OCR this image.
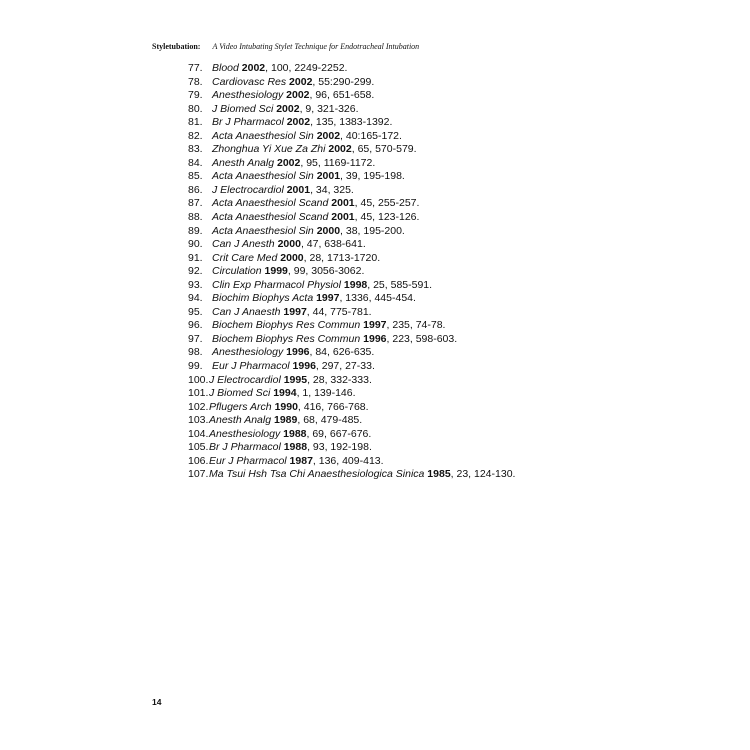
Styletubation: A Video Intubating Stylet Technique for Endotracheal Intubation
77. Blood 2002, 100, 2249-2252.
78. Cardiovasc Res 2002, 55:290-299.
79. Anesthesiology 2002, 96, 651-658.
80. J Biomed Sci 2002, 9, 321-326.
81. Br J Pharmacol 2002, 135, 1383-1392.
82. Acta Anaesthesiol Sin 2002, 40:165-172.
83. Zhonghua Yi Xue Za Zhi 2002, 65, 570-579.
84. Anesth Analg 2002, 95, 1169-1172.
85. Acta Anaesthesiol Sin 2001, 39, 195-198.
86. J Electrocardiol 2001, 34, 325.
87. Acta Anaesthesiol Scand 2001, 45, 255-257.
88. Acta Anaesthesiol Scand 2001, 45, 123-126.
89. Acta Anaesthesiol Sin 2000, 38, 195-200.
90. Can J Anesth 2000, 47, 638-641.
91. Crit Care Med 2000, 28, 1713-1720.
92. Circulation 1999, 99, 3056-3062.
93. Clin Exp Pharmacol Physiol 1998, 25, 585-591.
94. Biochim Biophys Acta 1997, 1336, 445-454.
95. Can J Anaesth 1997, 44, 775-781.
96. Biochem Biophys Res Commun 1997, 235, 74-78.
97. Biochem Biophys Res Commun 1996, 223, 598-603.
98. Anesthesiology 1996, 84, 626-635.
99. Eur J Pharmacol 1996, 297, 27-33.
100. J Electrocardiol 1995, 28, 332-333.
101. J Biomed Sci 1994, 1, 139-146.
102. Pflugers Arch 1990, 416, 766-768.
103. Anesth Analg 1989, 68, 479-485.
104. Anesthesiology 1988, 69, 667-676.
105. Br J Pharmacol 1988, 93, 192-198.
106. Eur J Pharmacol 1987, 136, 409-413.
107. Ma Tsui Hsh Tsa Chi Anaesthesiologica Sinica 1985, 23, 124-130.
14
